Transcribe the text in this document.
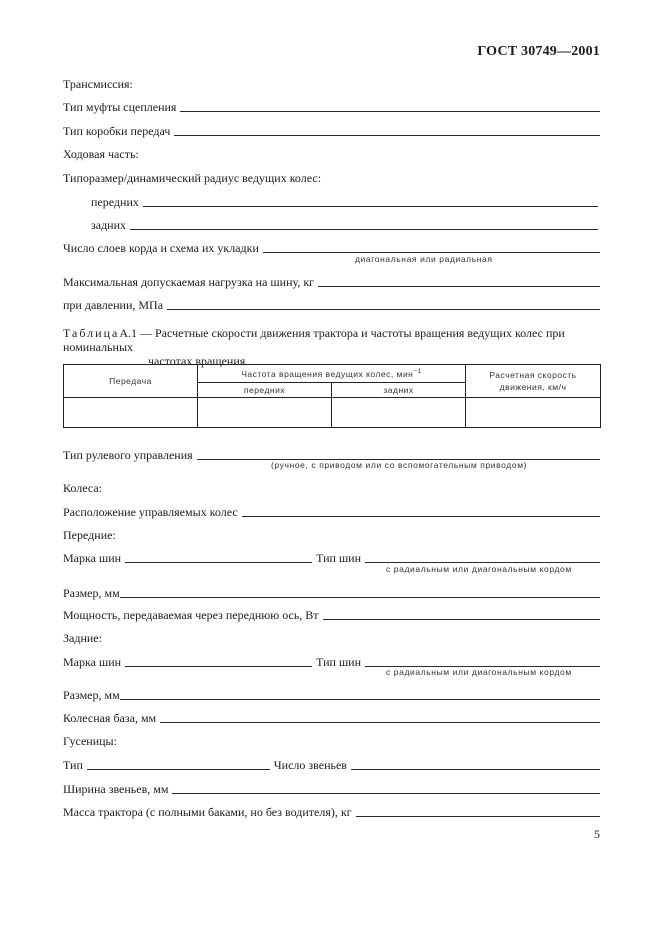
ГОСТ 30749—2001
Трансмиссия:
Тип муфты сцепления
Тип коробки передач
Ходовая часть:
Типоразмер/динамический радиус ведущих колес:
передних
задних
Число слоев корда и схема их укладки
диагональная или радиальная
Максимальная допускаемая нагрузка на шину, кг
при давлении, МПа
ТаблицаА.1 — Расчетные скорости движения трактора и частоты вращения ведущих колес при номинальных
частотах вращения
Передача	Частота вращения ведущих колес, мин$^{-1}$		Расчетная скорость движения, км/ч
	передних	задних	

Тип рулевого управления
(ручное, с приводом или со вспомогательным приводом)
Колеса:
Расположение управляемых колес
Передние:
Марка шин	Тип шин
с радиальным или диагональным кордом
Размер, мм
Мощность, передаваемая через переднюю ось, Вт
Задние:
Марка шин	Тип шин
с радиальным или диагональным кордом
Размер, мм
Колесная база, мм
Гусеницы:
Тип	Число звеньев
Ширина звеньев, мм
Масса трактора (с полными баками, но без водителя), кг
5
